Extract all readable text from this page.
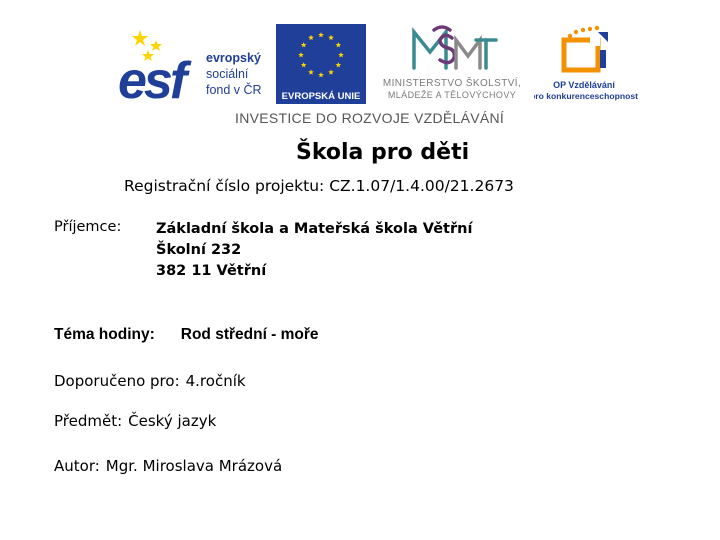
esf	evropský
sociální
fond v ČR EVROPSKÁ UNIE
MINISTERSTVO ŠKOLSTVÍ,
MLÁDEŽE A TĚLOVÝCHOVY
OP Vzdělávání
pro konkurenceschopnost
INVESTICE DO ROZVOJE VZDĚLÁVÁNÍ
Škola pro děti
Registrační číslo projektu: CZ.1.07/1.4.00/21.2673
Příjemce: Základní škola a Mateřská škola Větřní
Školní 232
382 11 Větřní
Téma hodiny: Rod střední - moře
Doporučeno pro: 4.ročník
Předmět: Český jazyk
Autor: Mgr. Miroslava Mrázová
